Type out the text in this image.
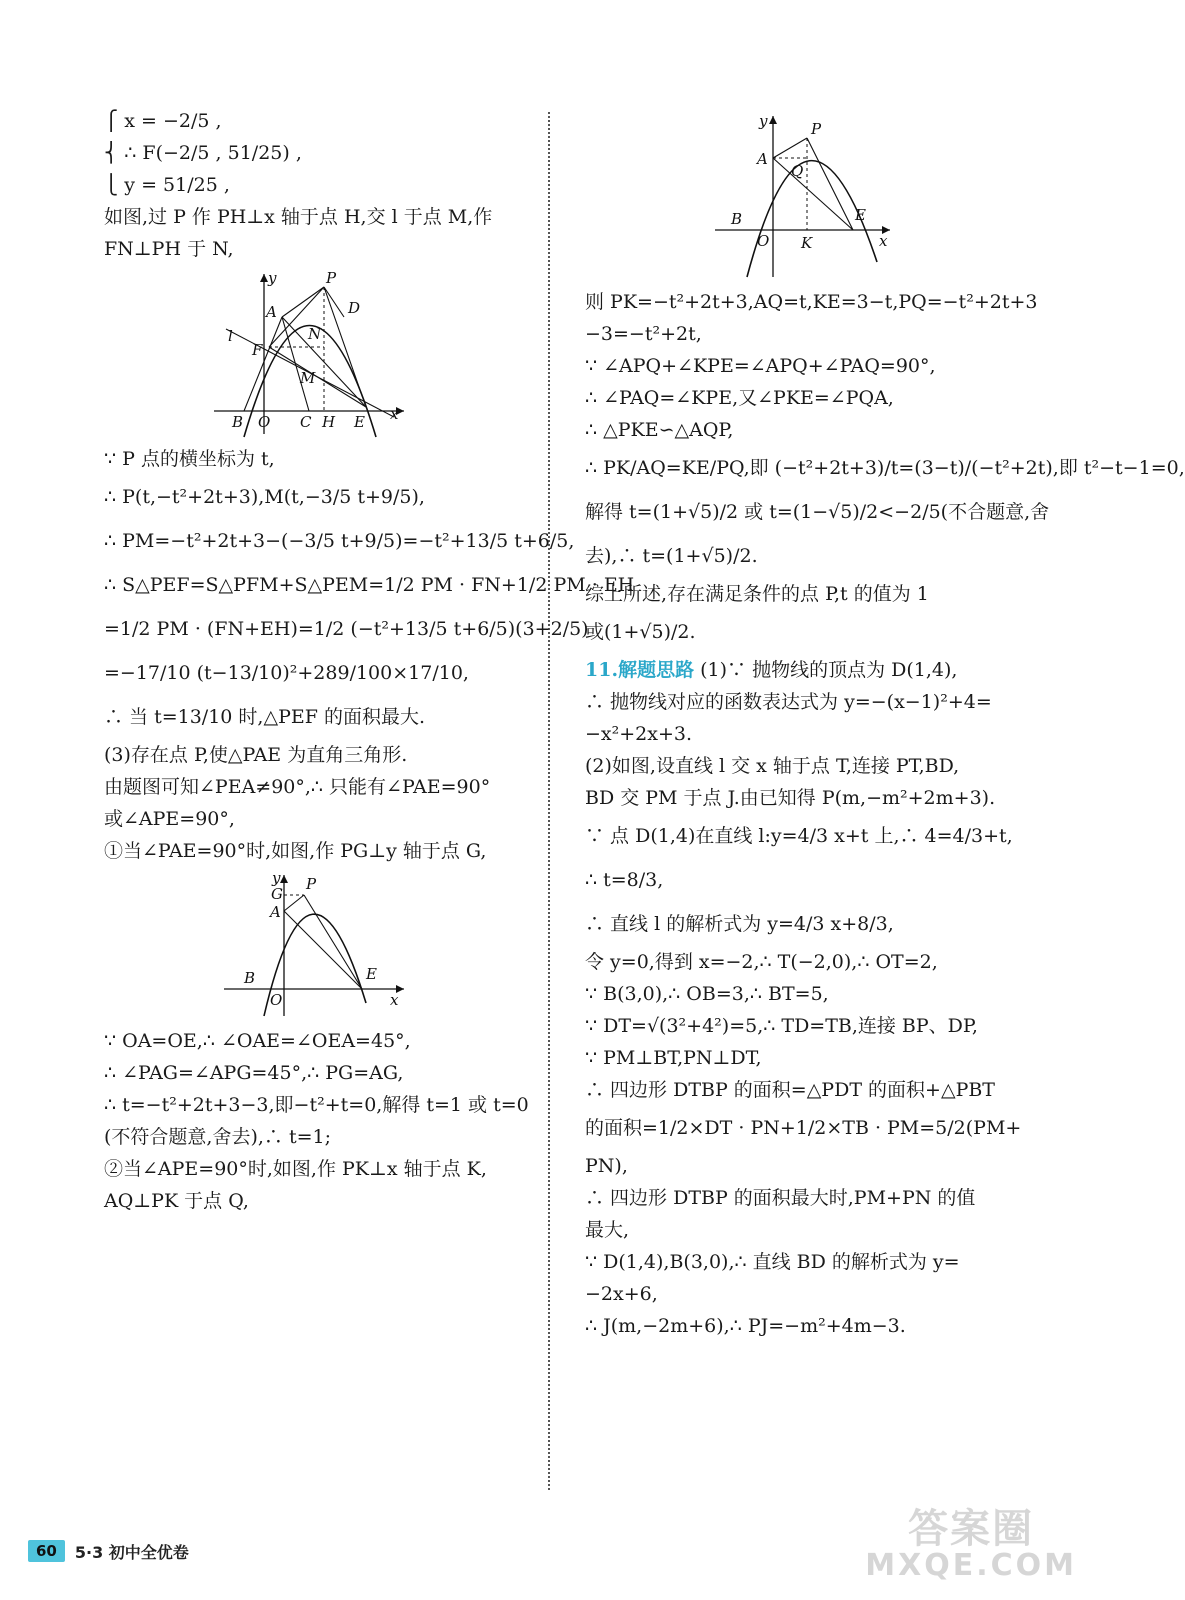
⎧ x = −2/5 ,

⎨ ∴ F(−2/5 , 51/25) ,

⎩ y = 51/25 ,

如图,过 P 作 PH⊥x 轴于点 H,交 l 于点 M,作

FN⊥PH 于 N,

y	P
A	D
l
F
N
M
B O C H E x

∵ P 点的横坐标为 t,

∴ P(t,−t²+2t+3),M(t,−3/5 t+9/5),

∴ PM=−t²+2t+3−(−3/5 t+9/5)=−t²+13/5 t+6/5,

∴ S△PEF=S△PFM+S△PEM=1/2 PM · FN+1/2 PM · EH

=1/2 PM · (FN+EH)=1/2 (−t²+13/5 t+6/5)(3+2/5)

=−17/10 (t−13/10)²+289/100×17/10,

∴ 当 t=13/10 时,△PEF 的面积最大.

(3)存在点 P,使△PAE 为直角三角形.

由题图可知∠PEA≠90°,∴ 只能有∠PAE=90°

或∠APE=90°,

①当∠PAE=90°时,如图,作 PG⊥y 轴于点 G,

y P
G
A
B
O
E
x

∵ OA=OE,∴ ∠OAE=∠OEA=45°,

∴ ∠PAG=∠APG=45°,∴ PG=AG,

∴ t=−t²+2t+3−3,即−t²+t=0,解得 t=1 或 t=0

(不符合题意,舍去),∴ t=1;

②当∠APE=90°时,如图,作 PK⊥x 轴于点 K,

AQ⊥PK 于点 Q,

y	P
A
Q
B
O K
E
x

则 PK=−t²+2t+3,AQ=t,KE=3−t,PQ=−t²+2t+3

−3=−t²+2t,

∵ ∠APQ+∠KPE=∠APQ+∠PAQ=90°,

∴ ∠PAQ=∠KPE,又∠PKE=∠PQA,

∴ △PKE∽△AQP,

∴ PK/AQ=KE/PQ,即 (−t²+2t+3)/t=(3−t)/(−t²+2t),即 t²−t−1=0,

解得 t=(1+√5)/2 或 t=(1−√5)/2<−2/5(不合题意,舍

去),∴ t=(1+√5)/2.

综上所述,存在满足条件的点 P,t 的值为 1

或(1+√5)/2.

11.解题思路 (1)∵ 抛物线的顶点为 D(1,4),

∴ 抛物线对应的函数表达式为 y=−(x−1)²+4=

−x²+2x+3.

(2)如图,设直线 l 交 x 轴于点 T,连接 PT,BD,

BD 交 PM 于点 J.由已知得 P(m,−m²+2m+3).

∵ 点 D(1,4)在直线 l:y=4/3 x+t 上,∴ 4=4/3+t,

∴ t=8/3,

∴ 直线 l 的解析式为 y=4/3 x+8/3,

令 y=0,得到 x=−2,∴ T(−2,0),∴ OT=2,

∵ B(3,0),∴ OB=3,∴ BT=5,

∵ DT=√(3²+4²)=5,∴ TD=TB,连接 BP、DP,

∵ PM⊥BT,PN⊥DT,

∴ 四边形 DTBP 的面积=△PDT 的面积+△PBT

的面积=1/2×DT · PN+1/2×TB · PM=5/2(PM+

PN),

∴ 四边形 DTBP 的面积最大时,PM+PN 的值

最大,

∵ D(1,4),B(3,0),∴ 直线 BD 的解析式为 y=

−2x+6,

∴ J(m,−2m+6),∴ PJ=−m²+4m−3.

60	5·3 初中全优卷	答案圈
MXQE.COM
